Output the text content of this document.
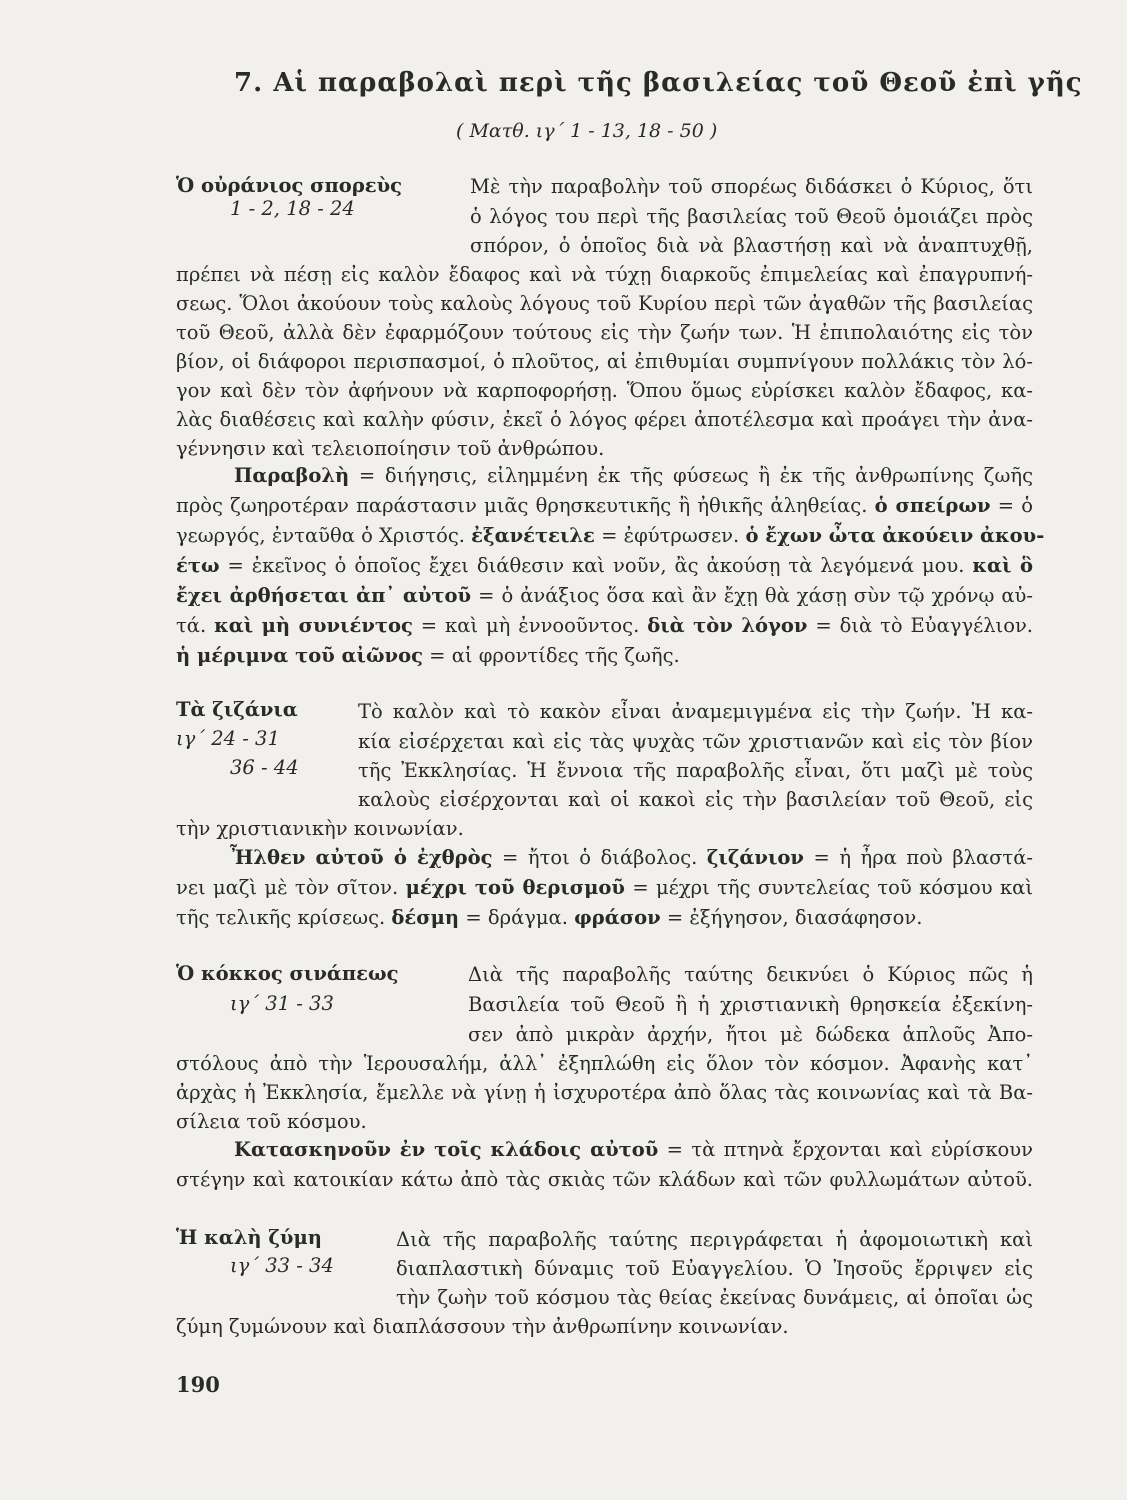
7. Αἱ παραβολαὶ περὶ τῆς βασιλείας τοῦ Θεοῦ ἐπὶ γῆς
( Ματθ. ιγ΄ 1 - 13, 18 - 50 )
Ὁ οὐράνιος σπορεὺς
1 - 2, 18 - 24
Μὲ τὴν παραβολὴν τοῦ σπορέως διδάσκει ὁ Κύριος, ὅτι
ὁ λόγος του περὶ τῆς βασιλείας τοῦ Θεοῦ ὁμοιάζει πρὸς
σπόρον, ὁ ὁποῖος διὰ νὰ βλαστήσῃ καὶ νὰ ἀναπτυχθῇ,
πρέπει νὰ πέσῃ εἰς καλὸν ἔδαφος καὶ νὰ τύχῃ διαρκοῦς ἐπιμελείας καὶ ἐπαγρυπνή-
σεως. Ὅλοι ἀκούουν τοὺς καλοὺς λόγους τοῦ Κυρίου περὶ τῶν ἀγαθῶν τῆς βασιλείας
τοῦ Θεοῦ, ἀλλὰ δὲν ἐφαρμόζουν τούτους εἰς τὴν ζωήν των. Ἡ ἐπιπολαιότης εἰς τὸν
βίον, οἱ διάφοροι περισπασμοί, ὁ πλοῦτος, αἱ ἐπιθυμίαι συμπνίγουν πολλάκις τὸν λό-
γον καὶ δὲν τὸν ἀφήνουν νὰ καρποφορήσῃ. Ὅπου ὅμως εὑρίσκει καλὸν ἔδαφος, κα-
λὰς διαθέσεις καὶ καλὴν φύσιν, ἐκεῖ ὁ λόγος φέρει ἀποτέλεσμα καὶ προάγει τὴν ἀνα-
γέννησιν καὶ τελειοποίησιν τοῦ ἀνθρώπου.
Παραβολὴ = διήγησις, εἰλημμένη ἐκ τῆς φύσεως ἢ ἐκ τῆς ἀνθρωπίνης ζωῆς
πρὸς ζωηροτέραν παράστασιν μιᾶς θρησκευτικῆς ἢ ἠθικῆς ἀληθείας. ὁ σπείρων = ὁ
γεωργός, ἐνταῦθα ὁ Χριστός. ἐξανέτειλε = ἐφύτρωσεν. ὁ ἔχων ὦτα ἀκούειν ἀκου-
έτω = ἐκεῖνος ὁ ὁποῖος ἔχει διάθεσιν καὶ νοῦν, ἂς ἀκούσῃ τὰ λεγόμενά μου. καὶ ὃ
ἔχει ἀρθήσεται ἀπ᾽ αὐτοῦ = ὁ ἀνάξιος ὅσα καὶ ἂν ἔχῃ θὰ χάσῃ σὺν τῷ χρόνῳ αὐ-
τά. καὶ μὴ συνιέντος = καὶ μὴ ἐννοοῦντος. διὰ τὸν λόγον = διὰ τὸ Εὐαγγέλιον.
ἡ μέριμνα τοῦ αἰῶνος = αἱ φροντίδες τῆς ζωῆς.
Τὰ ζιζάνια
ιγ΄ 24 - 31
36 - 44
Τὸ καλὸν καὶ τὸ κακὸν εἶναι ἀναμεμιγμένα εἰς τὴν ζωήν. Ἡ κα-
κία εἰσέρχεται καὶ εἰς τὰς ψυχὰς τῶν χριστιανῶν καὶ εἰς τὸν βίον
τῆς Ἐκκλησίας. Ἡ ἔννοια τῆς παραβολῆς εἶναι, ὅτι μαζὶ μὲ τοὺς
καλοὺς εἰσέρχονται καὶ οἱ κακοὶ εἰς τὴν βασιλείαν τοῦ Θεοῦ, εἰς
τὴν χριστιανικὴν κοινωνίαν.
Ἦλθεν αὐτοῦ ὁ ἐχθρὸς = ἤτοι ὁ διάβολος. ζιζάνιον = ἡ ἦρα ποὺ βλαστά-
νει μαζὶ μὲ τὸν σῖτον. μέχρι τοῦ θερισμοῦ = μέχρι τῆς συντελείας τοῦ κόσμου καὶ
τῆς τελικῆς κρίσεως. δέσμη = δράγμα. φράσον = ἐξήγησον, διασάφησον.
Ὁ κόκκος σινάπεως
ιγ΄ 31 - 33
Διὰ τῆς παραβολῆς ταύτης δεικνύει ὁ Κύριος πῶς ἡ
Βασιλεία τοῦ Θεοῦ ἢ ἡ χριστιανικὴ θρησκεία ἐξεκίνη-
σεν ἀπὸ μικρὰν ἀρχήν, ἤτοι μὲ δώδεκα ἁπλοῦς Ἀπο-
στόλους ἀπὸ τὴν Ἱερουσαλήμ, ἀλλ᾽ ἐξηπλώθη εἰς ὅλον τὸν κόσμον. Ἀφανὴς κατ᾽
ἀρχὰς ἡ Ἐκκλησία, ἔμελλε νὰ γίνῃ ἡ ἰσχυροτέρα ἀπὸ ὅλας τὰς κοινωνίας καὶ τὰ Βα-
σίλεια τοῦ κόσμου.
Κατασκηνοῦν ἐν τοῖς κλάδοις αὐτοῦ = τὰ πτηνὰ ἔρχονται καὶ εὑρίσκουν
στέγην καὶ κατοικίαν κάτω ἀπὸ τὰς σκιὰς τῶν κλάδων καὶ τῶν φυλλωμάτων αὐτοῦ.
Ἡ καλὴ ζύμη
ιγ΄ 33 - 34
Διὰ τῆς παραβολῆς ταύτης περιγράφεται ἡ ἀφομοιωτικὴ καὶ
διαπλαστικὴ δύναμις τοῦ Εὐαγγελίου. Ὁ Ἰησοῦς ἔρριψεν εἰς
τὴν ζωὴν τοῦ κόσμου τὰς θείας ἐκείνας δυνάμεις, αἱ ὁποῖαι ὡς
ζύμη ζυμώνουν καὶ διαπλάσσουν τὴν ἀνθρωπίνην κοινωνίαν.
190
